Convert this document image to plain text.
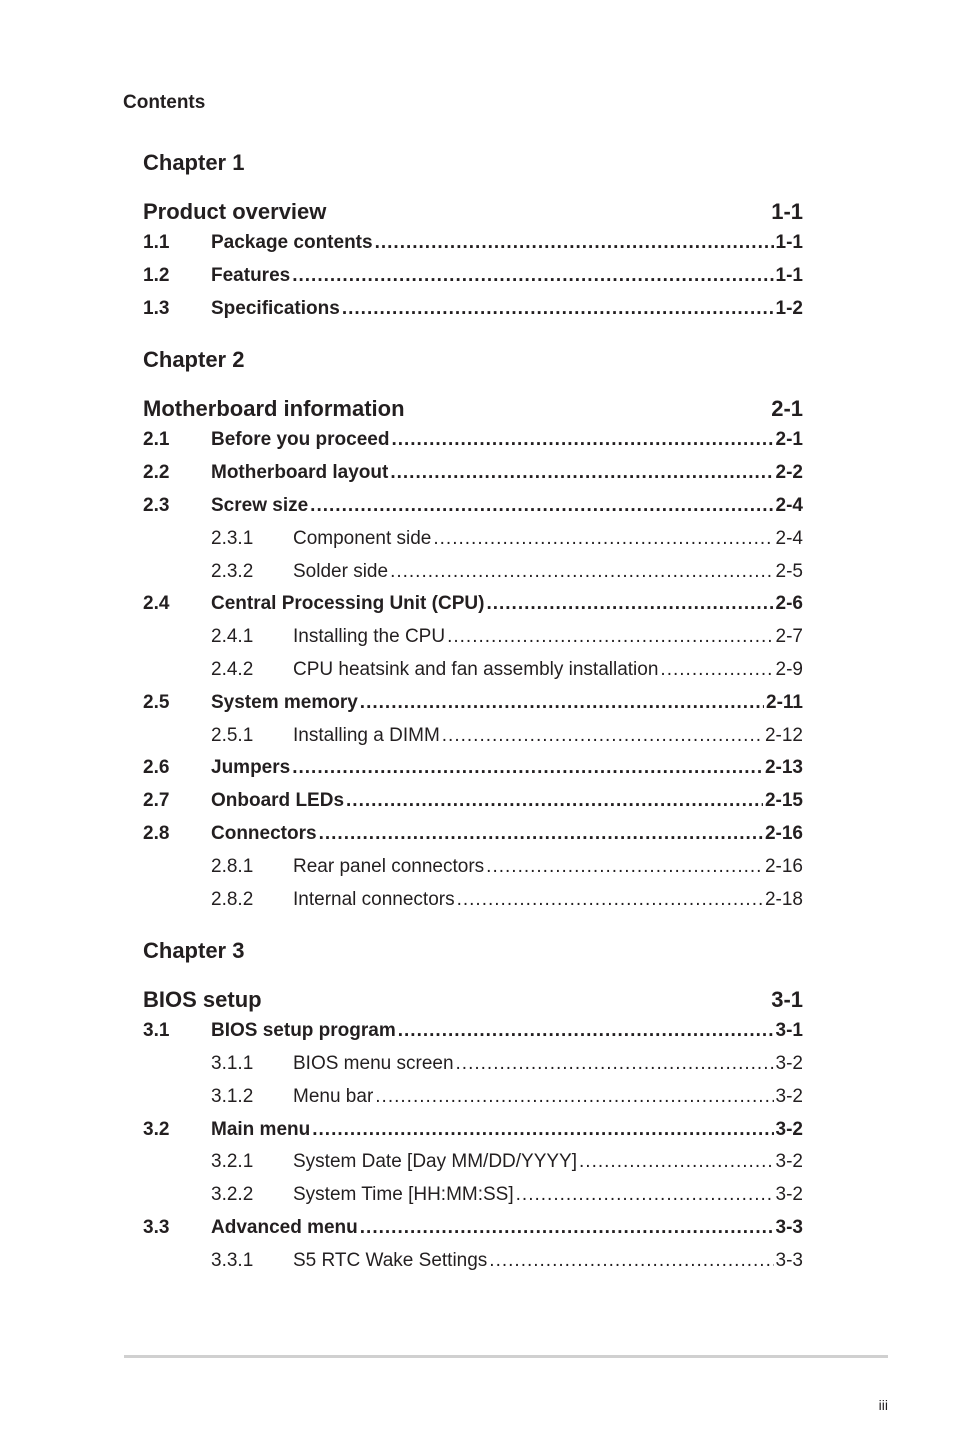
Contents
Chapter 1
Product overview	1-1
1.1	Package contents .....	1-1
1.2	Features .....	1-1
1.3	Specifications .....	1-2
Chapter 2
Motherboard information	2-1
2.1	Before you proceed .....	2-1
2.2	Motherboard layout .....	2-2
2.3	Screw size .....	2-4
2.3.1	Component side .....	2-4
2.3.2	Solder side .....	2-5
2.4	Central Processing Unit (CPU) .....	2-6
2.4.1	Installing the CPU .....	2-7
2.4.2	CPU heatsink and fan assembly installation .....	2-9
2.5	System memory .....	2-11
2.5.1	Installing a DIMM .....	2-12
2.6	Jumpers .....	2-13
2.7	Onboard LEDs .....	2-15
2.8	Connectors .....	2-16
2.8.1	Rear panel connectors .....	2-16
2.8.2	Internal connectors .....	2-18
Chapter 3
BIOS setup	3-1
3.1	BIOS setup program .....	3-1
3.1.1	BIOS menu screen .....	3-2
3.1.2	Menu bar .....	3-2
3.2	Main menu .....	3-2
3.2.1	System Date [Day MM/DD/YYYY] .....	3-2
3.2.2	System Time [HH:MM:SS] .....	3-2
3.3	Advanced menu .....	3-3
3.3.1	S5 RTC Wake Settings .....	3-3
iii
